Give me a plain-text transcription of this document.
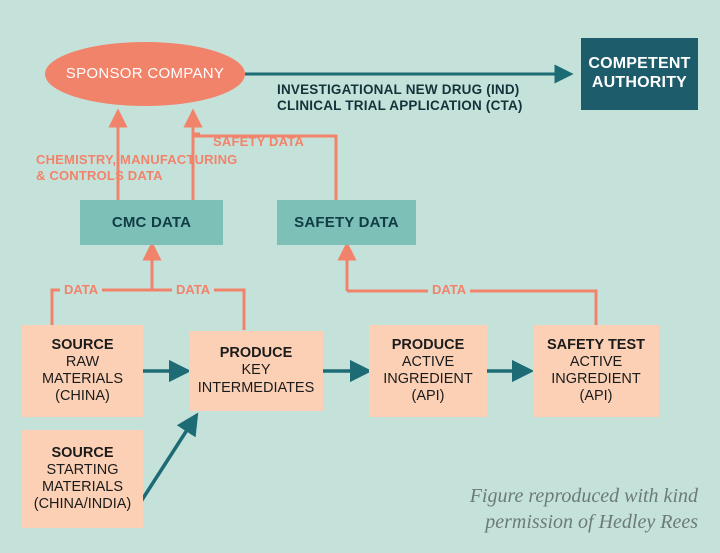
SPONSOR COMPANY
COMPETENT
AUTHORITY
CMC DATA	SAFETY DATA
SOURCE
RAW
MATERIALS
(CHINA)
SOURCE
STARTING
MATERIALS
(CHINA/INDIA)
PRODUCE
KEY
INTERMEDIATES
PRODUCE
ACTIVE
INGREDIENT
(API)
SAFETY TEST
ACTIVE
INGREDIENT
(API)
INVESTIGATIONAL NEW DRUG (IND)
CLINICAL TRIAL APPLICATION (CTA)
SAFETY DATA
CHEMISTRY, MANUFACTURING
& CONTROLS DATA
DATA	DATA	DATA
Figure reproduced with kind
permission of Hedley Rees
